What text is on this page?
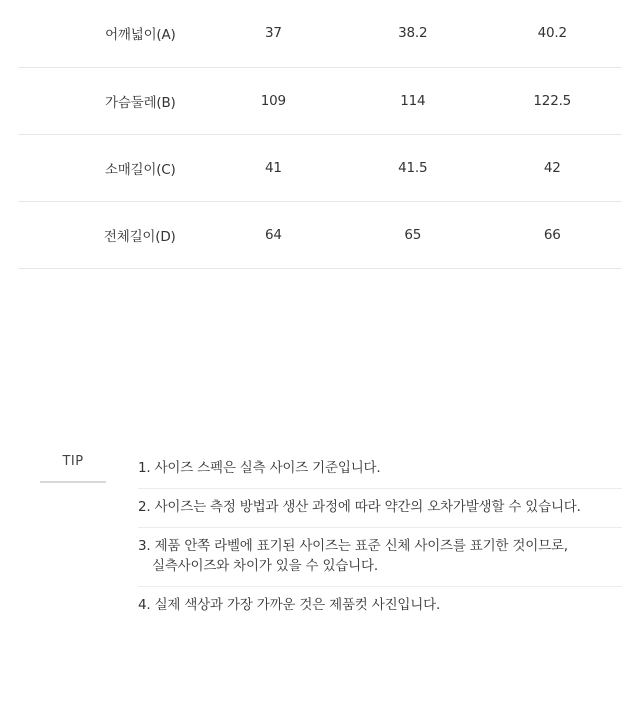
어깨넓이(A)	37	38.2	40.2
가슴둘레(B)	109	114	122.5
소매길이(C)	41	41.5	42
전체길이(D)	64	65	66
TIP	1. 사이즈 스펙은 실측 사이즈 기준입니다.
2. 사이즈는 측정 방법과 생산 과정에 따라 약간의 오차가발생할 수 있습니다.
3. 제품 안쪽 라벨에 표기된 사이즈는 표준 신체 사이즈를 표기한 것이므로,
실측사이즈와 차이가 있을 수 있습니다.
4. 실제 색상과 가장 가까운 것은 제품컷 사진입니다.
